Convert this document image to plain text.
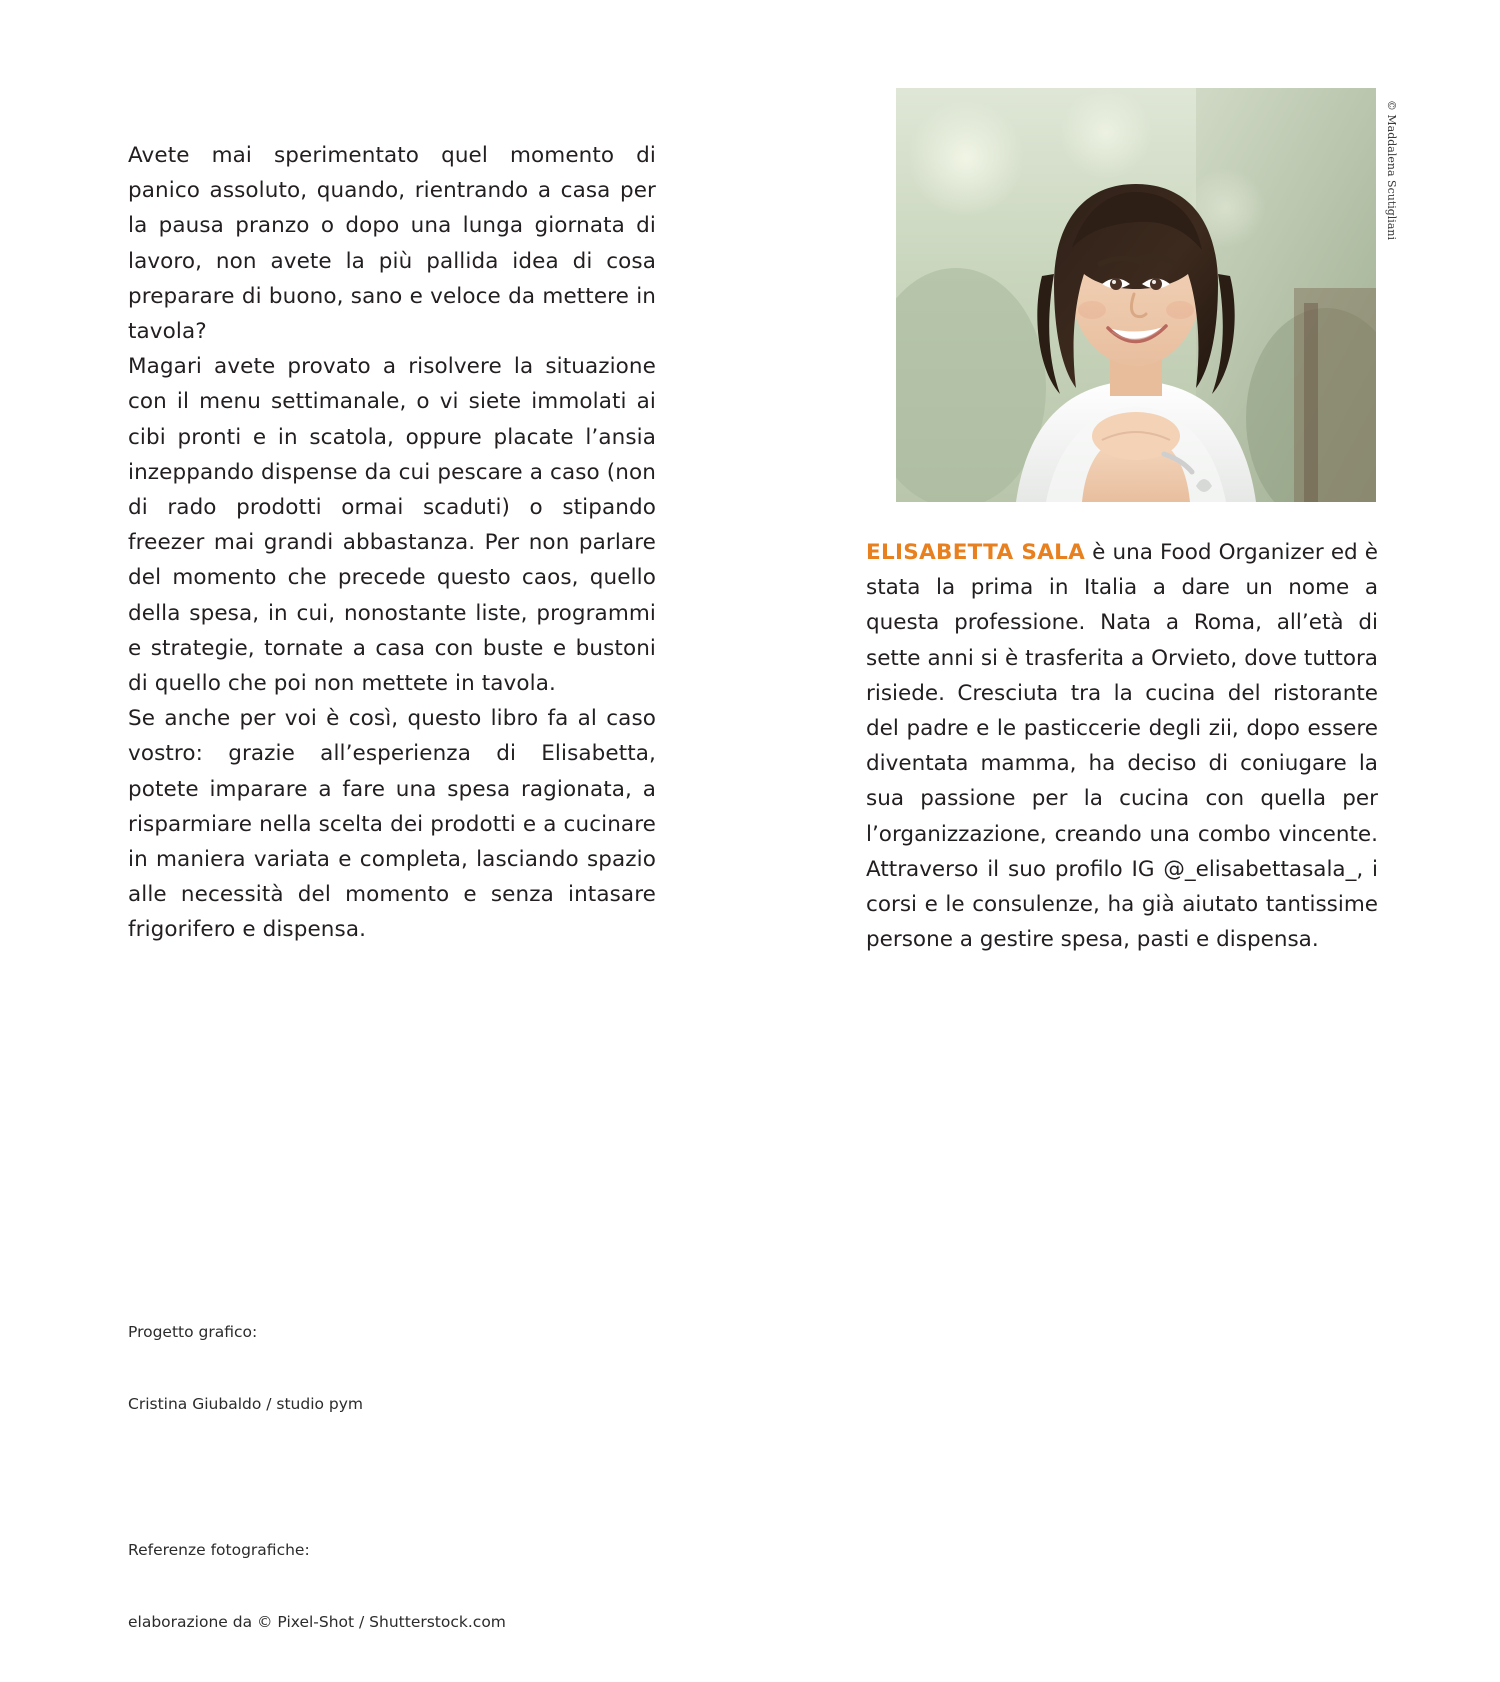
Avete mai sperimentato quel momento di panico assoluto, quando, rientrando a casa per la pausa pranzo o dopo una lunga giornata di lavoro, non avete la più pallida idea di cosa preparare di buono, sano e veloce da mettere in tavola?

Magari avete provato a risolvere la situazione con il menu settimanale, o vi siete immolati ai cibi pronti e in scatola, oppure placate l’ansia inzeppando dispense da cui pescare a caso (non di rado prodotti ormai scaduti) o stipando freezer mai grandi abbastanza. Per non parlare del momento che precede questo caos, quello della spesa, in cui, nonostante liste, programmi e strategie, tornate a casa con buste e bustoni di quello che poi non mettete in tavola.

Se anche per voi è così, questo libro fa al caso vostro: grazie all’esperienza di Elisabetta, potete imparare a fare una spesa ragionata, a risparmiare nella scelta dei prodotti e a cucinare in maniera variata e completa, lasciando spazio alle necessità del momento e senza intasare frigorifero e dispensa.

© Maddalena Scutigliani

ELISABETTA SALA è una Food Organizer ed è stata la prima in Italia a dare un nome a questa professione. Nata a Roma, all’età di sette anni si è trasferita a Orvieto, dove tuttora risiede. Cresciuta tra la cucina del ristorante del padre e le pasticcerie degli zii, dopo essere diventata mamma, ha deciso di coniugare la sua passione per la cucina con quella per l’organizzazione, creando una combo vincente. Attraverso il suo profilo IG @_elisabettasala_, i corsi e le consulenze, ha già aiutato tantissime persone a gestire spesa, pasti e dispensa.

Progetto grafico:

Cristina Giubaldo / studio pym

Referenze fotografiche:

elaborazione da © Pixel-Shot / Shutterstock.com
